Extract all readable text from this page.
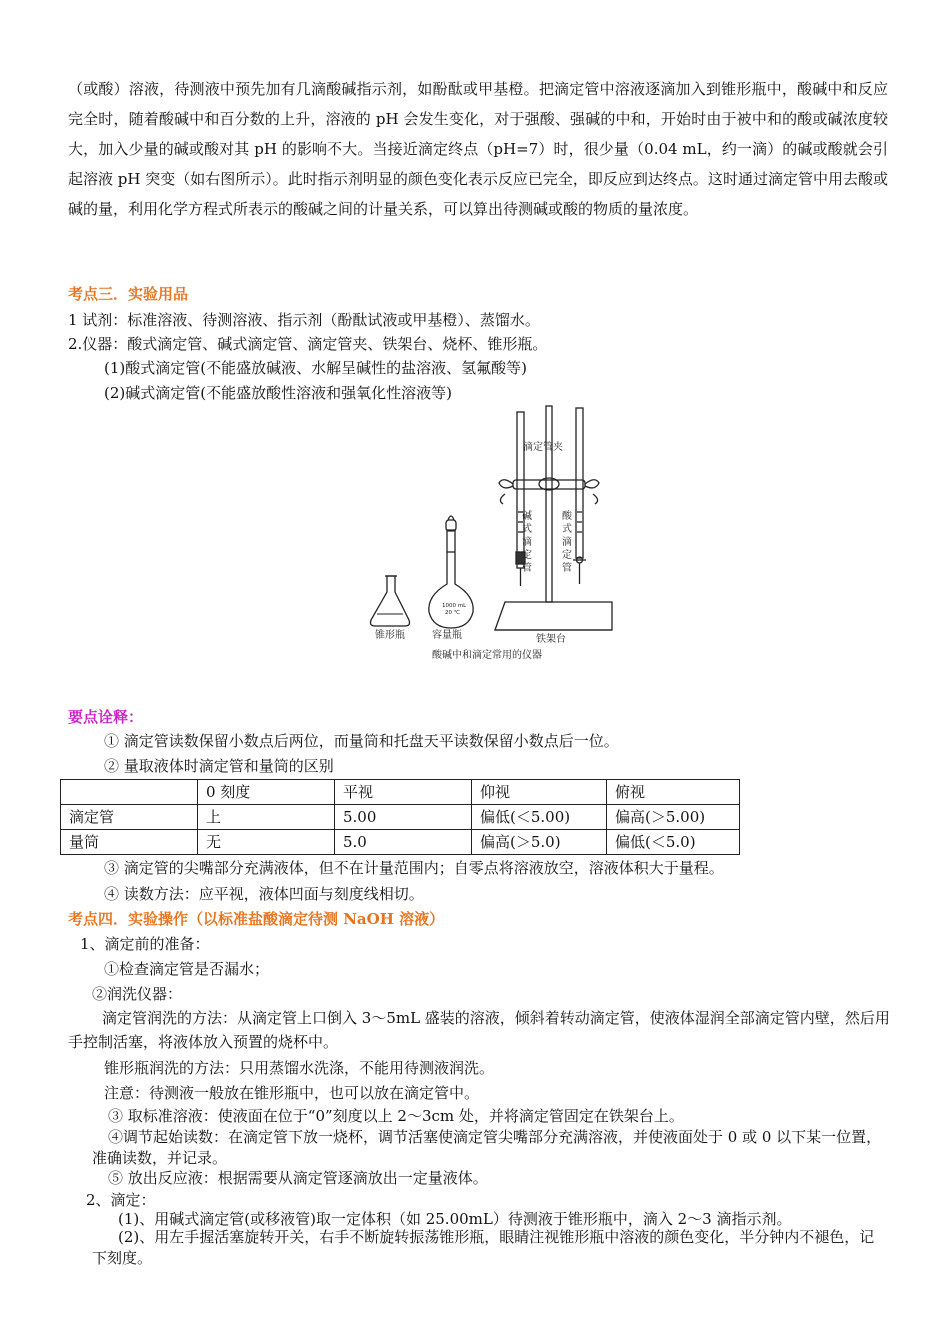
（或酸）溶液，待测液中预先加有几滴酸碱指示剂，如酚酞或甲基橙。把滴定管中溶液逐滴加入到锥形瓶中，酸碱中和反应完全时，随着酸碱中和百分数的上升，溶液的 pH 会发生变化，对于强酸、强碱的中和，开始时由于被中和的酸或碱浓度较大，加入少量的碱或酸对其 pH 的影响不大。当接近滴定终点（pH=7）时，很少量（0.04 mL，约一滴）的碱或酸就会引起溶液 pH 突变（如右图所示）。此时指示剂明显的颜色变化表示反应已完全，即反应到达终点。这时通过滴定管中用去酸或碱的量，利用化学方程式所表示的酸碱之间的计量关系，可以算出待测碱或酸的物质的量浓度。
考点三．实验用品
1 试剂：标准溶液、待测溶液、指示剂（酚酞试液或甲基橙）、蒸馏水。
2.仪器：酸式滴定管、碱式滴定管、滴定管夹、铁架台、烧杯、锥形瓶。
(1)酸式滴定管(不能盛放碱液、水解呈碱性的盐溶液、氢氟酸等)
(2)碱式滴定管(不能盛放酸性溶液和强氧化性溶液等)
滴定管夹
1000 mL
20 ℃
锥形瓶	容量瓶	铁架台
酸碱中和滴定常用的仪器
碱式滴定管
酸式滴定管
要点诠释：
① 滴定管读数保留小数点后两位，而量筒和托盘天平读数保留小数点后一位。
② 量取液体时滴定管和量筒的区别
	0 刻度	平视	仰视	俯视
滴定管	上	5.00	偏低(＜5.00)	偏高(＞5.00)
量筒	无	5.0	偏高(＞5.0)	偏低(＜5.0)
③ 滴定管的尖嘴部分充满液体，但不在计量范围内；自零点将溶液放空，溶液体积大于量程。
④ 读数方法：应平视，液体凹面与刻度线相切。
考点四．实验操作（以标准盐酸滴定待测 NaOH 溶液）
1、滴定前的准备：
①检查滴定管是否漏水；
②润洗仪器：
滴定管润洗的方法：从滴定管上口倒入 3～5mL 盛装的溶液，倾斜着转动滴定管，使液体湿润全部滴定管内壁，然后用手控制活塞，将液体放入预置的烧杯中。
锥形瓶润洗的方法：只用蒸馏水洗涤，不能用待测液润洗。
注意：待测液一般放在锥形瓶中，也可以放在滴定管中。
③ 取标准溶液：使液面在位于“0”刻度以上 2～3cm 处，并将滴定管固定在铁架台上。
④调节起始读数：在滴定管下放一烧杯，调节活塞使滴定管尖嘴部分充满溶液，并使液面处于 0 或 0 以下某一位置，准确读数，并记录。
⑤ 放出反应液：根据需要从滴定管逐滴放出一定量液体。
2、滴定：
(1)、用碱式滴定管(或移液管)取一定体积（如 25.00mL）待测液于锥形瓶中，滴入 2～3 滴指示剂。
(2)、用左手握活塞旋转开关，右手不断旋转振荡锥形瓶，眼睛注视锥形瓶中溶液的颜色变化，半分钟内不褪色，记下刻度。
